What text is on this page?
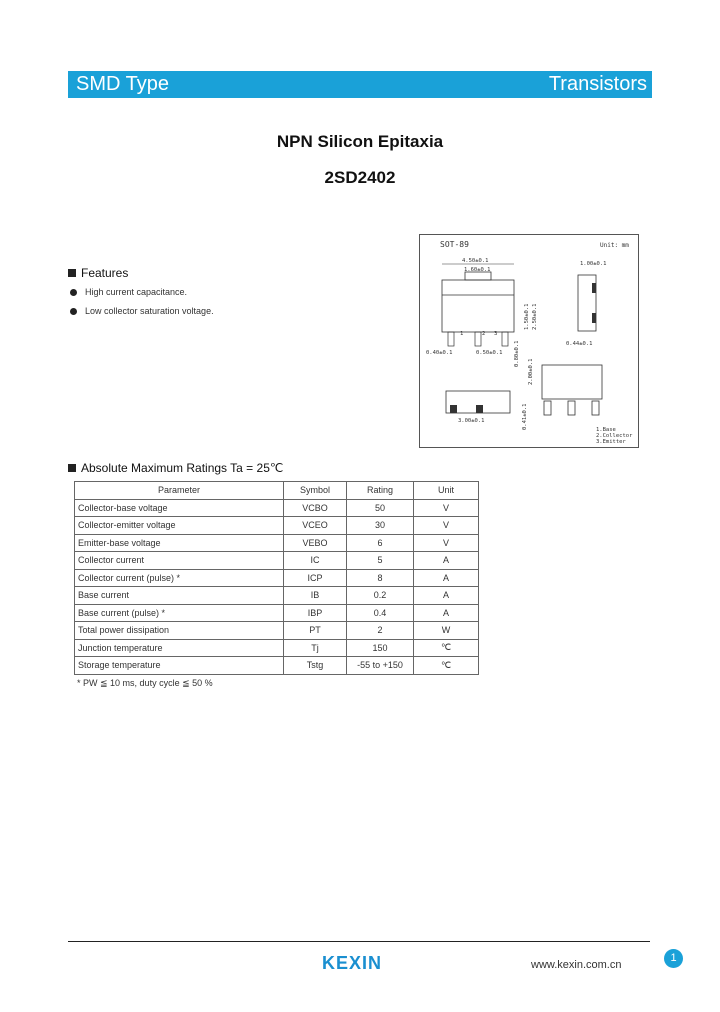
SMD Type	Transistors
NPN Silicon Epitaxia
2SD2402
Features
High current capacitance.
Low collector saturation voltage.
SOT-89	Unit: mm
1	2 3
4.50±0.1
1.60±0.1
1.50±0.1 2.50±0.1
0.40±0.1	0.50±0.1
1.00±0.1
0.44±0.1
0.80±0.1
3.00±0.1	0.41±0.1
2.00±0.1
1.Base
2.Collector
3.Emitter
Absolute Maximum Ratings Ta = 25℃
Parameter	Symbol	Rating	Unit
Collector-base voltage	VCBO	50	V
Collector-emitter voltage	VCEO	30	V
Emitter-base voltage	VEBO	6	V
Collector current	IC	5	A
Collector current (pulse) *	ICP	8	A
Base current	IB	0.2	A
Base current (pulse) *	IBP	0.4	A
Total power dissipation	PT	2	W
Junction temperature	Tj	150	℃
Storage temperature	Tstg	-55 to +150	℃
* PW ≦ 10 ms, duty cycle ≦ 50 %
KEXIN	www.kexin.com.cn
1
